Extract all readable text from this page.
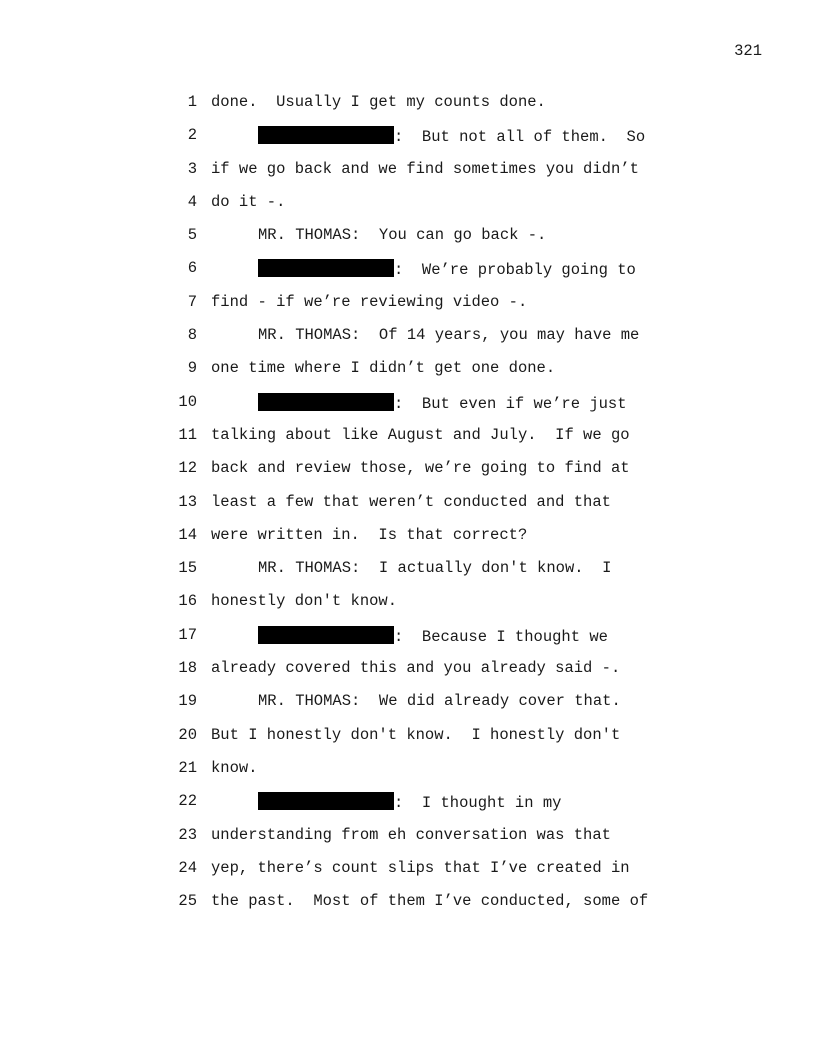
321
1 done.  Usually I get my counts done.
2	:  But not all of them.  So
3 if we go back and we find sometimes you didn’t
4 do it -.
5	MR. THOMAS:  You can go back -.
6	:  We’re probably going to
7 find - if we’re reviewing video -.
8	MR. THOMAS:  Of 14 years, you may have me
9 one time where I didn’t get one done.
10	:  But even if we’re just
11 talking about like August and July.  If we go
12 back and review those, we’re going to find at
13 least a few that weren’t conducted and that
14 were written in.  Is that correct?
15	MR. THOMAS:  I actually don't know.  I
16 honestly don't know.
17	:  Because I thought we
18 already covered this and you already said -.
19	MR. THOMAS:  We did already cover that.
20 But I honestly don't know.  I honestly don't
21 know.
22	:  I thought in my
23 understanding from eh conversation was that
24 yep, there’s count slips that I’ve created in
25 the past.  Most of them I’ve conducted, some of
